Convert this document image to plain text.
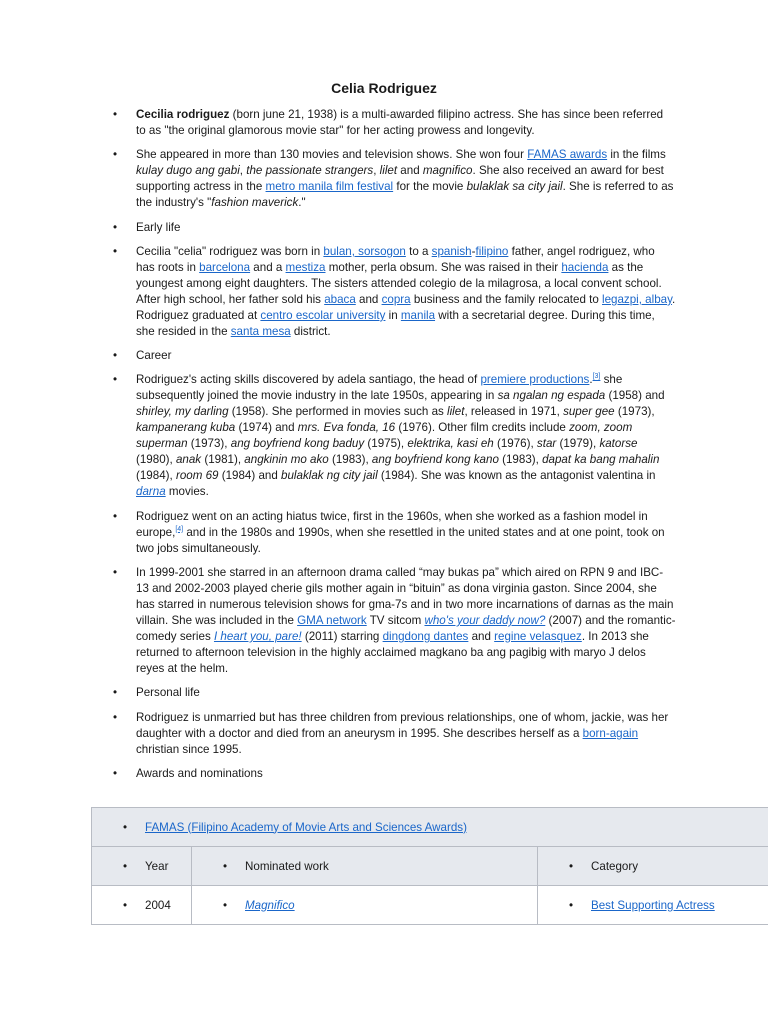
Celia Rodriguez
• Cecilia rodriguez (born june 21, 1938) is a multi-awarded filipino actress. She has since been referred to as "the original glamorous movie star" for her acting prowess and longevity.
• She appeared in more than 130 movies and television shows. She won four FAMAS awards in the films kulay dugo ang gabi, the passionate strangers, lilet and magnifico. She also received an award for best supporting actress in the metro manila film festival for the movie bulaklak sa city jail. She is referred to as the industry's "fashion maverick."
• Early life
• Cecilia "celia" rodriguez was born in bulan, sorsogon to a spanish-filipino father, angel rodriguez, who has roots in barcelona and a mestiza mother, perla obsum. She was raised in their hacienda as the youngest among eight daughters. The sisters attended colegio de la milagrosa, a local convent school. After high school, her father sold his abaca and copra business and the family relocated to legazpi, albay. Rodriguez graduated at centro escolar university in manila with a secretarial degree. During this time, she resided in the santa mesa district.
• Career
• Rodriguez's acting skills discovered by adela santiago, the head of premiere productions.[3] she subsequently joined the movie industry in the late 1950s, appearing in sa ngalan ng espada (1958) and shirley, my darling (1958). She performed in movies such as lilet, released in 1971, super gee (1973), kampanerang kuba (1974) and mrs. Eva fonda, 16 (1976). Other film credits include zoom, zoom superman (1973), ang boyfriend kong baduy (1975), elektrika, kasi eh (1976), star (1979), katorse (1980), anak (1981), angkinin mo ako (1983), ang boyfriend kong kano (1983), dapat ka bang mahalin (1984), room 69 (1984) and bulaklak ng city jail (1984). She was known as the antagonist valentina in darna movies.
• Rodriguez went on an acting hiatus twice, first in the 1960s, when she worked as a fashion model in europe,[4] and in the 1980s and 1990s, when she resettled in the united states and at one point, took on two jobs simultaneously.
• In 1999-2001 she starred in an afternoon drama called “may bukas pa” which aired on RPN 9 and IBC-13 and 2002-2003 played cherie gils mother again in “bituin” as dona virginia gaston. Since 2004, she has starred in numerous television shows for gma-7s and in two more incarnations of darnas as the main villain. She was included in the GMA network TV sitcom who's your daddy now? (2007) and the romantic-comedy series I heart you, pare! (2011) starring dingdong dantes and regine velasquez. In 2013 she returned to afternoon television in the highly acclaimed magkano ba ang pagibig with maryo J delos reyes at the helm.
• Personal life
• Rodriguez is unmarried but has three children from previous relationships, one of whom, jackie, was her daughter with a doctor and died from an aneurysm in 1995. She describes herself as a born-again christian since 1995.
• Awards and nominations
• FAMAS (Filipino Academy of Movie Arts and Sciences Awards)

• Year	• Nominated work	• Category

• 2004	• Magnifico	• Best Supporting Actress
